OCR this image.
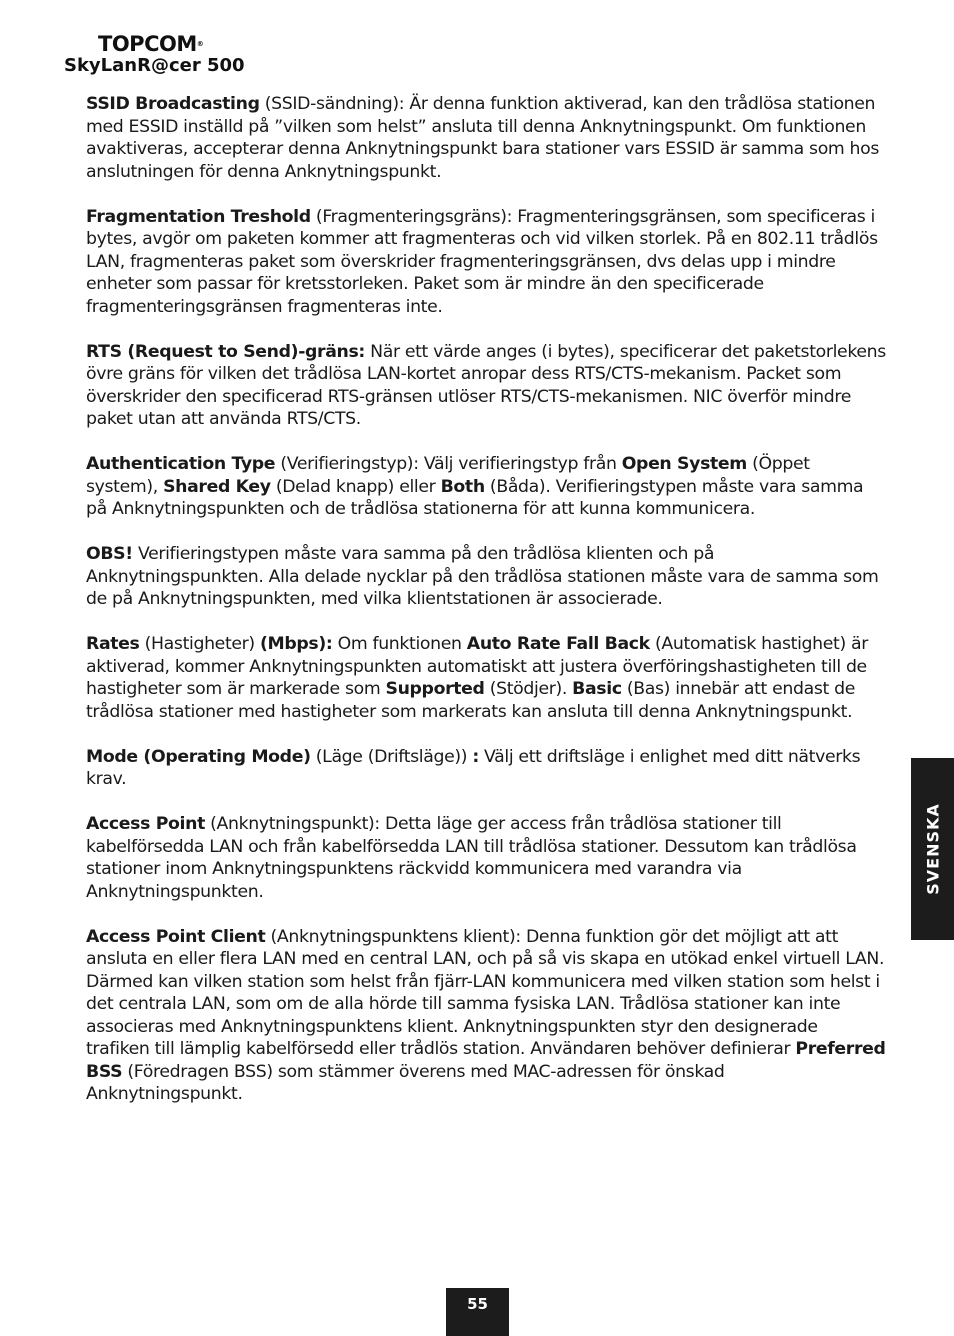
TOPCOM®
SkyLanR@cer 500

SSID Broadcasting (SSID-sändning): Är denna funktion aktiverad, kan den trådlösa stationen med ESSID inställd på ”vilken som helst” ansluta till denna Anknytningspunkt. Om funktionen avaktiveras, accepterar denna Anknytningspunkt bara stationer vars ESSID är samma som hos anslutningen för denna Anknytningspunkt.

Fragmentation Treshold (Fragmenteringsgräns): Fragmenteringsgränsen, som specificeras i bytes, avgör om paketen kommer att fragmenteras och vid vilken storlek. På en 802.11 trådlös LAN, fragmenteras paket som överskrider fragmenteringsgränsen, dvs delas upp i mindre enheter som passar för kretsstorleken. Paket som är mindre än den specificerade fragmenteringsgränsen fragmenteras inte.

RTS (Request to Send)-gräns: När ett värde anges (i bytes), specificerar det paketstorlekens övre gräns för vilken det trådlösa LAN-kortet anropar dess RTS/CTS-mekanism. Packet som överskrider den specificerad RTS-gränsen utlöser RTS/CTS-mekanismen. NIC överför mindre paket utan att använda RTS/CTS.

Authentication Type (Verifieringstyp): Välj verifieringstyp från Open System (Öppet system), Shared Key (Delad knapp) eller Both (Båda). Verifieringstypen måste vara samma på Anknytningspunkten och de trådlösa stationerna för att kunna kommunicera.

OBS! Verifieringstypen måste vara samma på den trådlösa klienten och på Anknytningspunkten. Alla delade nycklar på den trådlösa stationen måste vara de samma som de på Anknytningspunkten, med vilka klientstationen är associerade.

Rates (Hastigheter) (Mbps): Om funktionen Auto Rate Fall Back (Automatisk hastighet) är aktiverad, kommer Anknytningspunkten automatiskt att justera överföringshastigheten till de hastigheter som är markerade som Supported (Stödjer). Basic (Bas) innebär att endast de trådlösa stationer med hastigheter som markerats kan ansluta till denna Anknytningspunkt.

Mode (Operating Mode) (Läge (Driftsläge)) : Välj ett driftsläge i enlighet med ditt nätverks krav.

Access Point (Anknytningspunkt): Detta läge ger access från trådlösa stationer till kabelförsedda LAN och från kabelförsedda LAN till trådlösa stationer. Dessutom kan trådlösa stationer inom Anknytningspunktens räckvidd kommunicera med varandra via Anknytningspunkten.

Access Point Client (Anknytningspunktens klient): Denna funktion gör det möjligt att att ansluta en eller flera LAN med en central LAN, och på så vis skapa en utökad enkel virtuell LAN. Därmed kan vilken station som helst från fjärr-LAN kommunicera med vilken station som helst i det centrala LAN, som om de alla hörde till samma fysiska LAN. Trådlösa stationer kan inte associeras med Anknytningspunktens klient. Anknytningspunkten styr den designerade trafiken till lämplig kabelförsedd eller trådlös station. Användaren behöver definierar Preferred BSS (Föredragen BSS) som stämmer överens med MAC-adressen för önskad Anknytningspunkt.

SVENSKA
55
